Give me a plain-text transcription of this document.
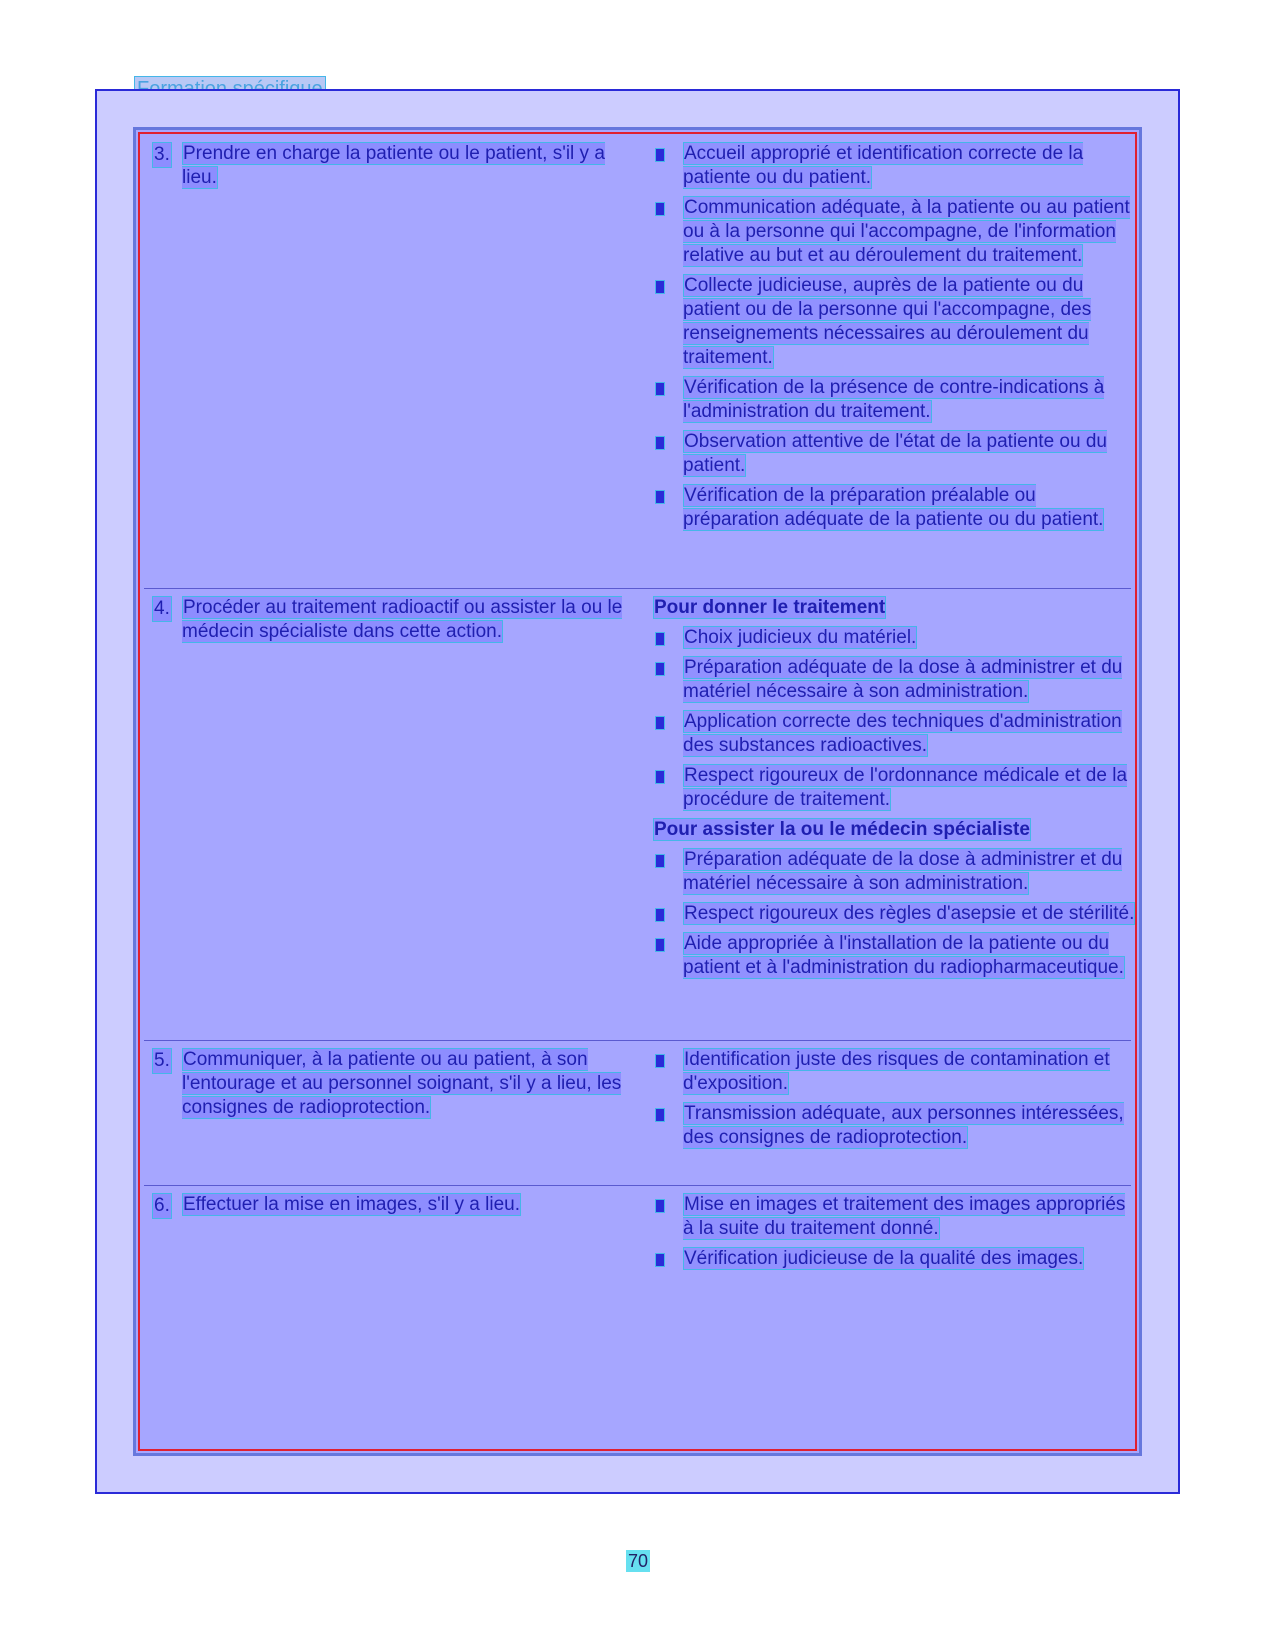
3. Prendre en charge la patiente ou le patient, s'il y a lieu.
Accueil approprié et identification correcte de la patiente ou du patient.
Communication adéquate, à la patiente ou au patient ou à la personne qui l'accompagne, de l'information relative au but et au déroulement du traitement.
Collecte judicieuse, auprès de la patiente ou du patient ou de la personne qui l'accompagne, des renseignements nécessaires au déroulement du traitement.
Vérification de la présence de contre-indications à l'administration du traitement.
Observation attentive de l'état de la patiente ou du patient.
Vérification de la préparation préalable ou préparation adéquate de la patiente ou du patient.
4. Procéder au traitement radioactif ou assister la ou le médecin spécialiste dans cette action.
Pour donner le traitement
Choix judicieux du matériel.
Préparation adéquate de la dose à administrer et du matériel nécessaire à son administration.
Application correcte des techniques d'administration des substances radioactives.
Respect rigoureux de l'ordonnance médicale et de la procédure de traitement.
Pour assister la ou le médecin spécialiste
Préparation adéquate de la dose à administrer et du matériel nécessaire à son administration.
Respect rigoureux des règles d'asepsie et de stérilité.
Aide appropriée à l'installation de la patiente ou du patient et à l'administration du radiopharmaceutique.
5. Communiquer, à la patiente ou au patient, à son l'entourage et au personnel soignant, s'il y a lieu, les consignes de radioprotection.
Identification juste des risques de contamination et d'exposition.
Transmission adéquate, aux personnes intéressées, des consignes de radioprotection.
6. Effectuer la mise en images, s'il y a lieu.	Mise en images et traitement des images appropriés à la suite du traitement donné.
Vérification judicieuse de la qualité des images.
70
